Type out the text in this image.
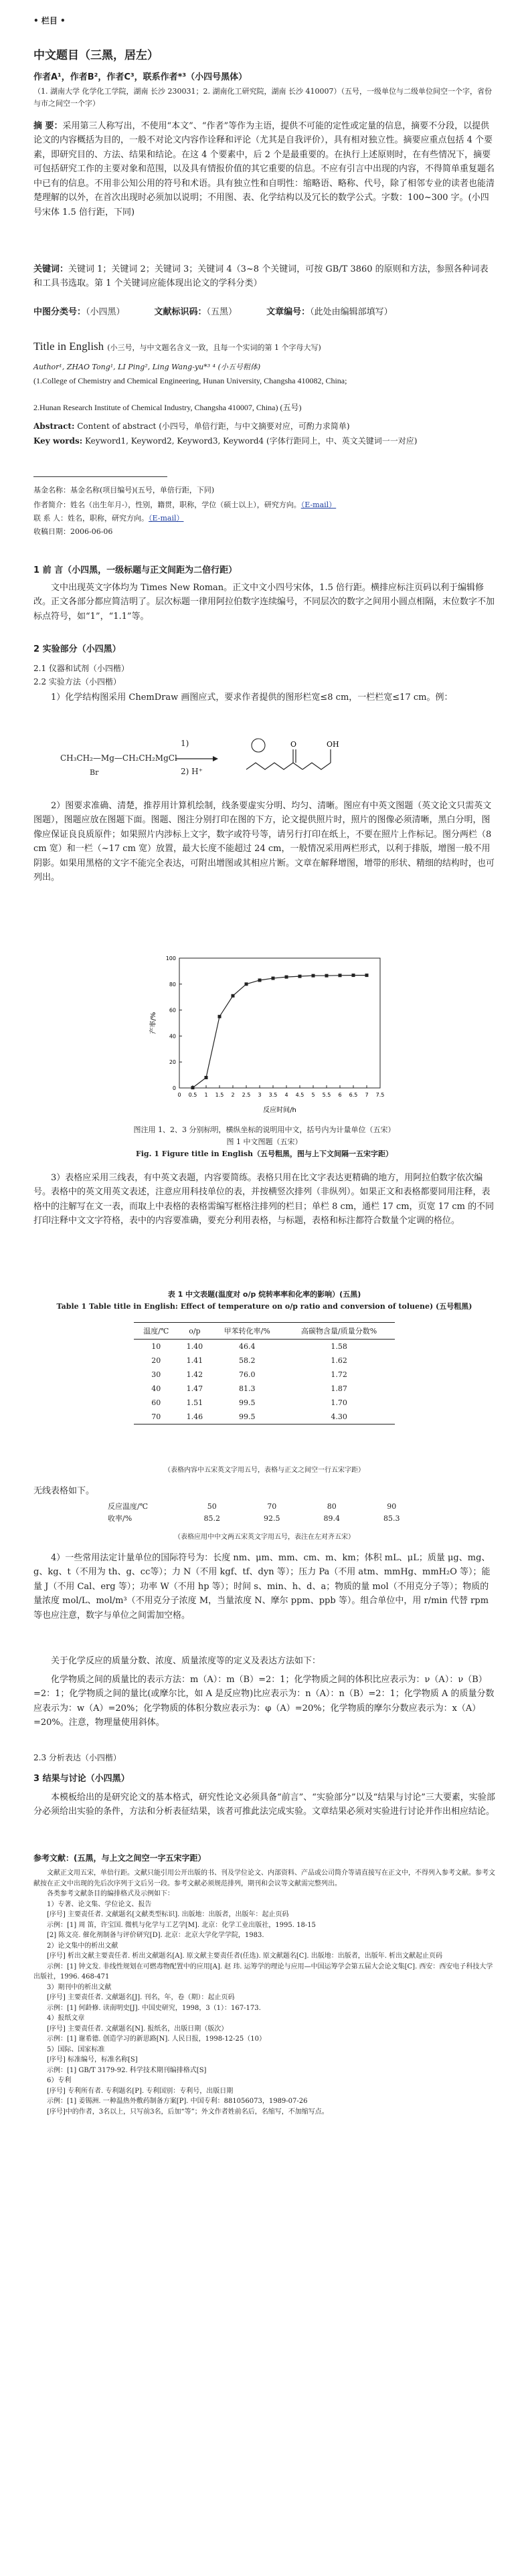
• 栏目 •
中文题目（三黑，居左）
作者A¹，作者B²，作者C³，联系作者*³（小四号黑体）
（1. 湖南大学 化学化工学院，湖南 长沙 230031；2. 湖南化工研究院，湖南 长沙 410007）（五号，一级单位与二级单位间空一个字，省份与市之间空一个字）
摘 要：采用第三人称写出，不使用“本文”、“作者”等作为主语，提供不可能的定性或定量的信息，摘要不分段，以提供论文的内容概括为目的，一般不对论文内容作诠释和评论（尤其是自我评价），具有相对独立性。摘要应重点包括 4 个要素，即研究目的、方法、结果和结论。在这 4 个要素中，后 2 个是最重要的。在执行上述原则时，在有些情况下，摘要可包括研究工作的主要对象和范围，以及具有情报价值的其它重要的信息。不应有引言中出现的内容，不得简单重复题名中已有的信息。不用非公知公用的符号和术语。具有独立性和自明性：缩略语、略称、代号，除了相邻专业的读者也能清楚理解的以外，在首次出现时必须加以说明；不用图、表、化学结构以及冗长的数学公式。字数：100~300 字。(小四号宋体 1.5 倍行距，下同)
关键词：关键词 1；关键词 2；关键词 3；关键词 4（3~8 个关键词，可按 GB/T 3860 的原则和方法，参照各种词表和工具书选取。第 1 个关键词应能体现出论文的学科分类）
中图分类号：（小四黑）	文献标识码：（五黑）	文章编号：（此处由编辑部填写）
Title in English (小三号，与中文题名含义一致，且每一个实词的第 1 个字母大写)
Author¹, ZHAO Tong¹, LI Ping², Ling Wang-yu*³ ⁴ (小五号粗体)
(1.College of Chemistry and Chemical Engineering, Hunan University, Changsha 410082, China;
2.Hunan Research Institute of Chemical Industry, Changsha 410007, China) (五号)
Abstract: Content of abstract (小四号，单倍行距，与中文摘要对应，可酌力求简单)
Key words: Keyword1, Keyword2, Keyword3, Keyword4 (字体行距同上，中、英文关键词一一对应)
基金名称：基金名称(项目编号)(五号，单倍行距，下同)
作者简介：姓名（出生年月-），性别，籍贯，职称，学位（硕士以上），研究方向。（E-mail）
联 系 人：姓名，职称，研究方向。（E-mail）
收稿日期：2006-06-06
1 前 言（小四黑，一级标题与正文间距为二倍行距）
文中出现英文字体均为 Times New Roman。正文中文小四号宋体，1.5 倍行距。横排应标注页码以利于编辑修改。正文各部分都应简洁明了。层次标题一律用阿拉伯数字连续编号，不同层次的数字之间用小圆点相隔，末位数字不加标点符号，如“1”，“1.1”等。
2 实验部分（小四黑）
2.1 仪器和试剂（小四楷）
2.2 实验方法（小四楷）
1）化学结构图采用 ChemDraw 画图应式，要求作者提供的图形栏宽≤8 cm，一栏栏宽≤17 cm。例：
CH₃CH₂—Mg—CH₂CH₂MgCl
Br
O	OH
1)
2) H⁺
2）图要求准确、清楚，推荐用计算机绘制，线条要虚实分明、均匀、清晰。图应有中英文图题（英文论文只需英文图题），图题应放在图题下面。图题、图注分别打印在图的下方，论文提供照片时，照片的图像必须清晰，黑白分明，图像应保证良良质原件；如果照片内涉标上文字，数字或符号等，请另行打印在纸上，不要在照片上作标记。图分两栏（8 cm 宽）和一栏（~17 cm 宽）放置，最大长度不能超过 24 cm，一般情况采用两栏形式，以利于排版，增图一般不用阴影。如果用黑格的文字不能完全表达，可附出增图或其相应片断。文章在解释增图，增带的形状、精细的结构时，也可列出。
0 0.5 1 1.5 2 2.5 3 3.5 4 4.5 5 5.5 6 6.5 7 7.5
0
20
40
60
80
100
反应时间/h
产率/%
图注用 1、2、3 分别标明，横纵坐标的说明用中文，括号内为计量单位（五宋）
图 1 中文图题（五宋）
Fig. 1 Figure title in English（五号粗黑，图与上下文间隔一五宋字距）
3）表格应采用三线表，有中英文表题，内容要简练。表格只用在比文字表达更精确的地方，用阿拉伯数字依次编号。表格中的英文用英文表述，注意应用科技单位的表，并按横竖次排列（非纵列）。如果正文和表格都要同用注释，表格中的注解写在文一表，而取上中表格的表格需编写框格注排列的栏目；单栏 8 cm，通栏 17 cm，页宽 17 cm 的不同打印注释中文文字符格，表中的内容要准确，要充分利用表格，与标题，表格和标注都符合数量个定调的格位。
表 1 中文表题(温度对 o/p 烷转率率和化率的影响）(五黑)
Table 1 Table title in English: Effect of temperature on o/p ratio and conversion of toluene) (五号粗黑)
温度/℃	o/p	甲苯转化率/%	高碳物含量/质量分数%
10	1.40	46.4	1.58
20	1.41	58.2	1.62
30	1.42	76.0	1.72
40	1.47	81.3	1.87
60	1.51	99.5	1.70
70	1.46	99.5	4.30
（表格内容中五宋英文字用五号，表格与正文之间空一行五宋字距）
无线表格如下。
反应温度/℃	50	70	80	90
收率/%	85.2	92.5	89.4	85.3
（表格应用中中文两五宋英文字用五号，表注在左对齐五宋）
4）一些常用法定计量单位的国际符号为：长度 nm、μm、mm、cm、m、km；体积 mL、μL；质量 μg、mg、g、kg、t（不用为 th、g、cc等）；力 N（不用 kgf、tf、dyn 等）；压力 Pa（不用 atm、mmHg、mmH₂O 等）；能量 J（不用 Cal、erg 等）；功率 W（不用 hp 等）；时间 s、min、h、d、a；物质的量 mol（不用克分子等）；物质的量浓度 mol/L、mol/m³（不用克分子浓度 M，当量浓度 N、摩尔 ppm、ppb 等）。组合单位中，用 r/min 代替 rpm 等也应注意，数字与单位之间需加空格。
关于化学反应的质量分数、浓度、质量浓度等的定义及表达方法如下：
化学物质之间的质量比的表示方法：m（A）：m（B）=2：1；化学物质之间的体积比应表示为：ν（A）：ν（B）=2：1；化学物质之间的量比(或摩尔比，如 A 是反应物)比应表示为：n（A）：n（B）=2：1；化学物质 A 的质量分数应表示为：w（A）=20%；化学物质的体积分数应表示为：φ（A）=20%；化学物质的摩尔分数应表示为：x（A）=20%。注意，物理量使用斜体。
2.3 分析表达（小四楷）
3 结果与讨论（小四黑）
本模板给出的是研究论文的基本格式，研究性论文必须具备“前言”、“实验部分”以及“结果与讨论”三大要素，实验部分必须给出实验的条件，方法和分析表征结果，该者可推此法完成实验。文章结果必须对实验进行讨论并作出相应结论。
参考文献：(五黑，与上文之间空一字五宋字距）

文献正文用五宋，单倍行距。文献只能引用公开出版的书、刊及学位论文、内部资料、产品或公司简介等请直接写在正文中，不得列入参考文献。参考文献按在正文中出现的先后次序列于文后另一段。参考文献必须规范排列，期刊和会议等文献需完整列出。

各类参考文献条目的编排格式及示例如下：

1）专著、论文集、学位论文、报告

[序号] 主要责任者. 文献题名[文献类型标识]. 出版地：出版者，出版年：起止页码

示例：[1] 周 笛，许宝国. 微机与化学与工艺学[M]. 北京：化学工业出版社，1995. 18-15

[2] 陈文亮. 催化剂制备与评价研究[D]. 北京：北京大学化学学院，1983.

2）论文集中的析出文献

[序号] 析出文献主要责任者. 析出文献题名[A]. 原文献主要责任者(任选). 原文献题名[C]. 出版地：出版者，出版年. 析出文献起止页码

示例：[1] 钟文发. 非线性规划在可燃毒物配置中的应用[A]. 赵 玮. 运筹学的理论与应用—中国运筹学会第五届大会论文集[C]. 西安：西安电子科技大学出版社，1996. 468-471

3）期刊中的析出文献

[序号] 主要责任者. 文献题名[J]. 刊名，年，卷（期）：起止页码

示例：[1] 何龄修. 读南明史[J]. 中国史研究，1998，3（1）：167-173.

4）报纸文章

[序号] 主要责任者. 文献题名[N]. 报纸名，出版日期（版次）

示例：[1] 谢希德. 创造学习的新思路[N]. 人民日报，1998-12-25（10）

5）国际、国家标准

[序号] 标准编号，标准名称[S]

示例：[1] GB/T 3179-92. 科学技术期刊编排格式[S]

6）专利

[序号] 专利所有者. 专利题名[P]. 专利国别：专利号，出版日期

示例：[1] 姜锡洲. 一种温热外敷药制备方案[P]. 中国专利：881056073，1989-07-26

[序号]中的作者，3名以上，只写前3名，后加“等”；外文作者姓前名后，名缩写，不加缩写点。
